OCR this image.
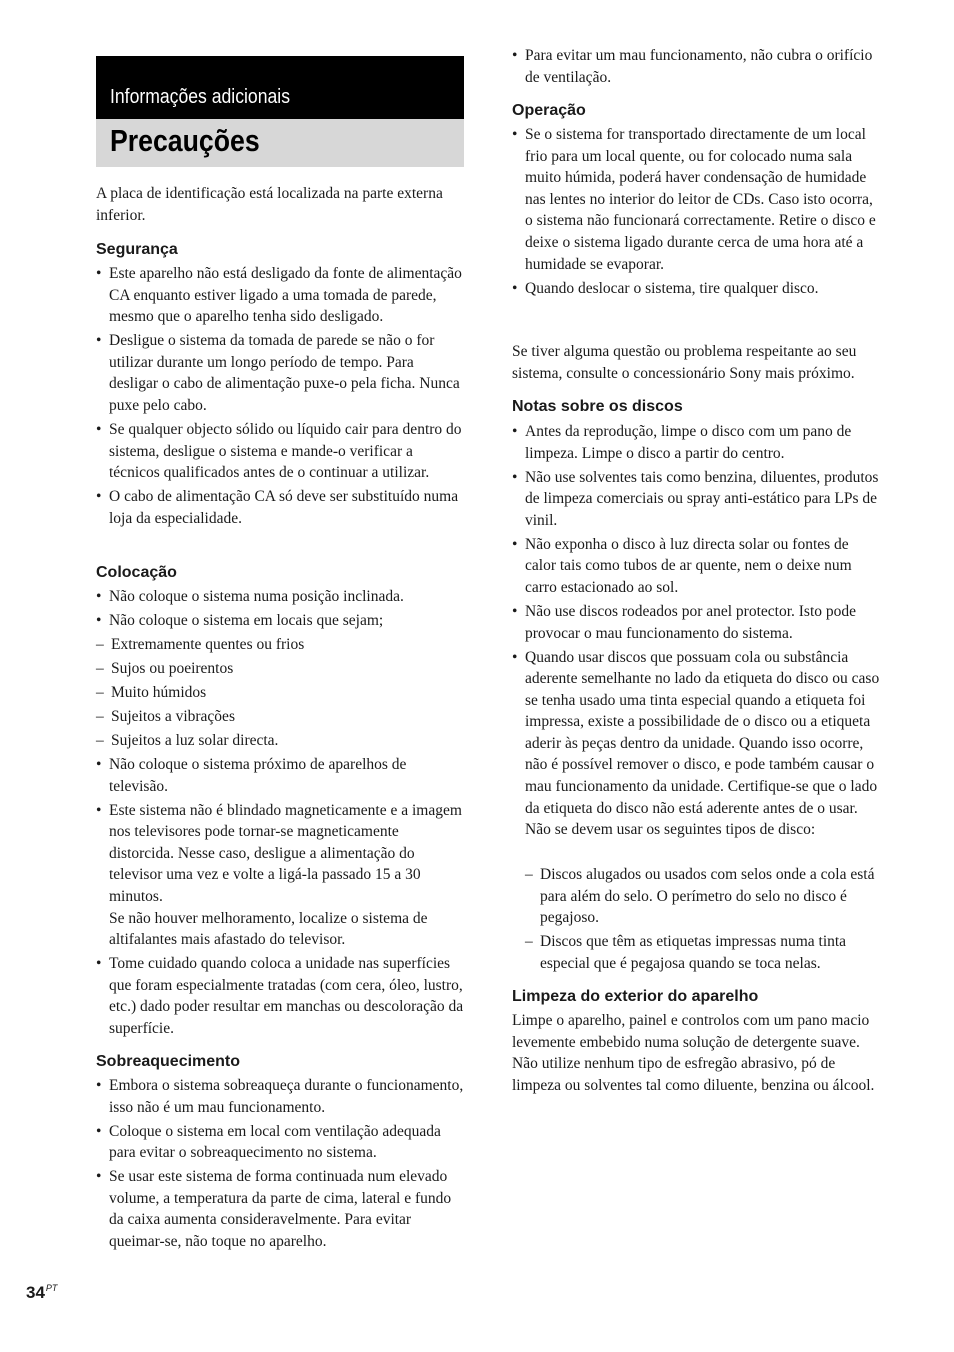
Informações adicionais
Precauções

A placa de identificação está localizada na parte externa inferior.

Segurança
• Este aparelho não está desligado da fonte de alimentação CA enquanto estiver ligado a uma tomada de parede, mesmo que o aparelho tenha sido desligado.
• Desligue o sistema da tomada de parede se não o for utilizar durante um longo período de tempo. Para desligar o cabo de alimentação puxe-o pela ficha. Nunca puxe pelo cabo.
• Se qualquer objecto sólido ou líquido cair para dentro do sistema, desligue o sistema e mande-o verificar a técnicos qualificados antes de o continuar a utilizar.
• O cabo de alimentação CA só deve ser substituído numa loja da especialidade.
Colocação
• Não coloque o sistema numa posição inclinada.
• Não coloque o sistema em locais que sejam;
– Extremamente quentes ou frios
– Sujos ou poeirentos
– Muito húmidos
– Sujeitos a vibrações
– Sujeitos a luz solar directa.
• Não coloque o sistema próximo de aparelhos de televisão.
• Este sistema não é blindado magneticamente e a imagem nos televisores pode tornar-se magneticamente distorcida. Nesse caso, desligue a alimentação do televisor uma vez e volte a ligá-la passado 15 a 30 minutos.
Se não houver melhoramento, localize o sistema de altifalantes mais afastado do televisor.
• Tome cuidado quando coloca a unidade nas superfícies que foram especialmente tratadas (com cera, óleo, lustro, etc.) dado poder resultar em manchas ou descoloração da superfície.
Sobreaquecimento
• Embora o sistema sobreaqueça durante o funcionamento, isso não é um mau funcionamento.
• Coloque o sistema em local com ventilação adequada para evitar o sobreaquecimento no sistema.
• Se usar este sistema de forma continuada num elevado volume, a temperatura da parte de cima, lateral e fundo da caixa aumenta consideravelmente. Para evitar queimar-se, não toque no aparelho.
• Para evitar um mau funcionamento, não cubra o orifício de ventilação.
Operação
• Se o sistema for transportado directamente de um local frio para um local quente, ou for colocado numa sala muito húmida, poderá haver condensação de humidade nas lentes no interior do leitor de CDs. Caso isto ocorra, o sistema não funcionará correctamente. Retire o disco e deixe o sistema ligado durante cerca de uma hora até a humidade se evaporar.
• Quando deslocar o sistema, tire qualquer disco.

Se tiver alguma questão ou problema respeitante ao seu sistema, consulte o concessionário Sony mais próximo.

Notas sobre os discos
• Antes da reprodução, limpe o disco com um pano de limpeza. Limpe o disco a partir do centro.
• Não use solventes tais como benzina, diluentes, produtos de limpeza comerciais ou spray anti-estático para LPs de vinil.
• Não exponha o disco à luz directa solar ou fontes de calor tais como tubos de ar quente, nem o deixe num carro estacionado ao sol.
• Não use discos rodeados por anel protector. Isto pode provocar o mau funcionamento do sistema.
• Quando usar discos que possuam cola ou substância aderente semelhante no lado da etiqueta do disco ou caso se tenha usado uma tinta especial quando a etiqueta foi impressa, existe a possibilidade de o disco ou a etiqueta aderir às peças dentro da unidade. Quando isso ocorre, não é possível remover o disco, e pode também causar o mau funcionamento da unidade. Certifique-se que o lado da etiqueta do disco não está aderente antes de o usar.
Não se devem usar os seguintes tipos de disco:
– Discos alugados ou usados com selos onde a cola está para além do selo. O perímetro do selo no disco é pegajoso.
– Discos que têm as etiquetas impressas numa tinta especial que é pegajosa quando se toca nelas.
Limpeza do exterior do aparelho

Limpe o aparelho, painel e controlos com um pano macio levemente embebido numa solução de detergente suave. Não utilize nenhum tipo de esfregão abrasivo, pó de limpeza ou solventes tal como diluente, benzina ou álcool.

$34^{PT}$
